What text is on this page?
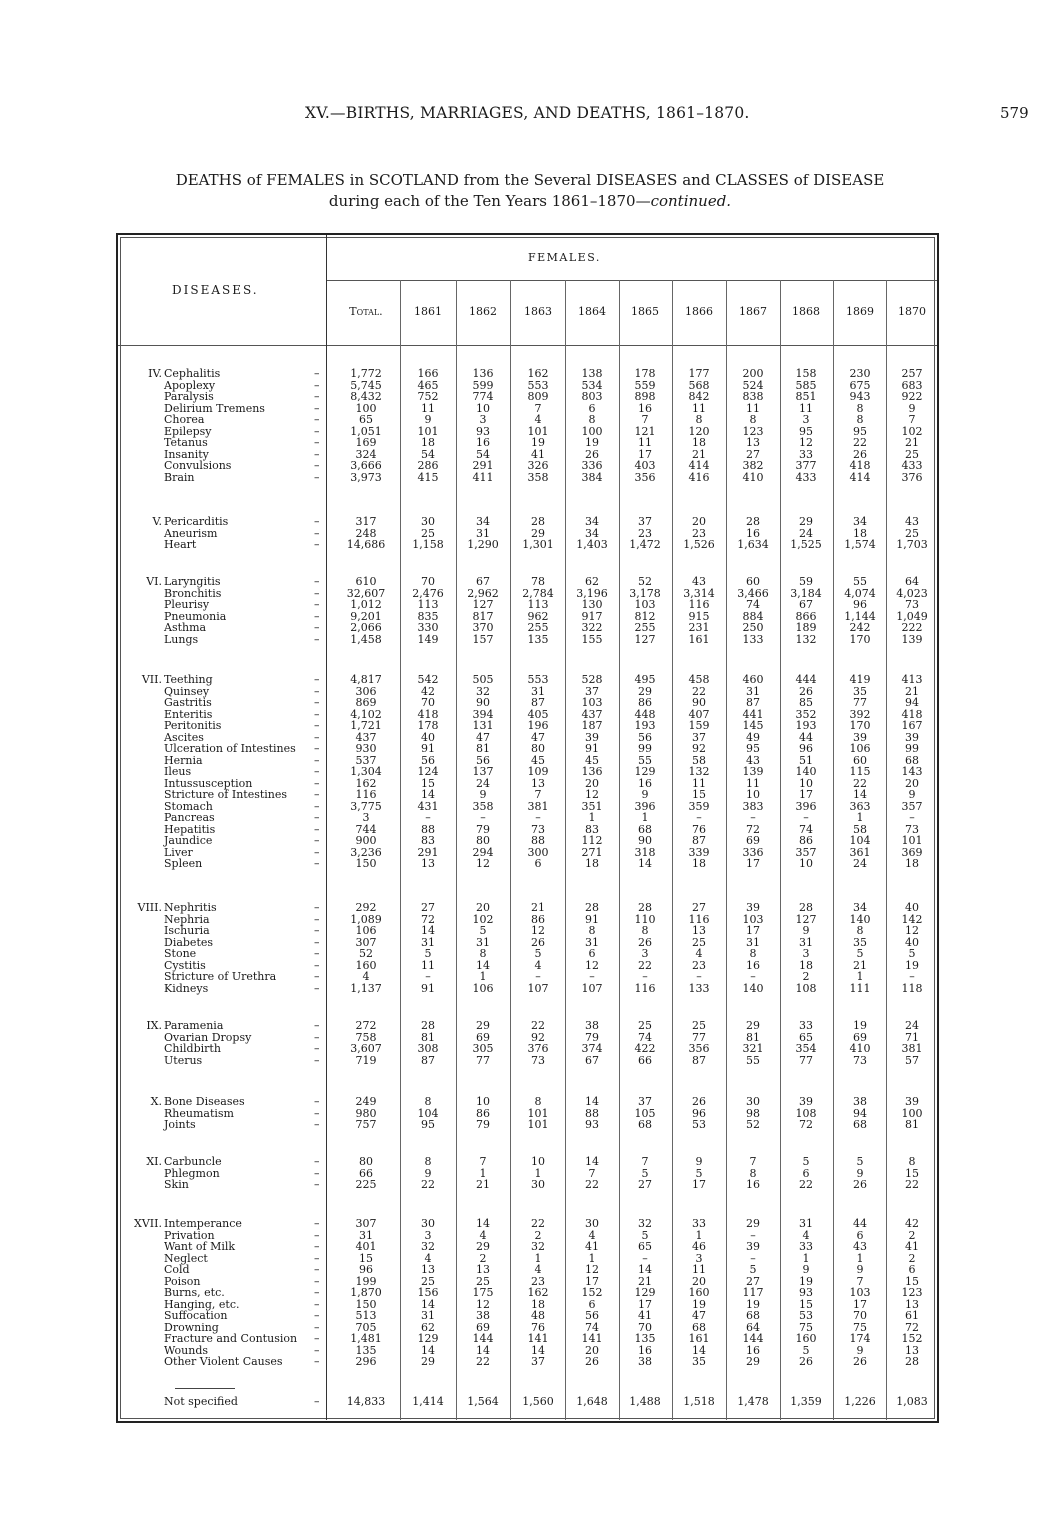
XV.—BIRTHS, MARRIAGES, AND DEATHS, 1861–1870.	579
DEATHS of FEMALES in SCOTLAND from the Several DISEASES and CLASSES of DISEASE
during each of the Ten Years 1861–1870—continued.
FEMALES.
DISEASES.
Total.	1861	1862	1863	1864	1865	1866	1867	1868	1869	1870
IV. Cephalitis	–	1,772	166	136	162	138	178	177	200	158	230	257
Apoplexy	–	5,745	465	599	553	534	559	568	524	585	675	683
Paralysis	–	8,432	752	774	809	803	898	842	838	851	943	922
Delirium Tremens	–	100	11	10	7	6	16	11	11	11	8	9
Chorea	–	65	9	3	4	8	7	8	8	3	8	7
Epilepsy	–	1,051	101	93	101	100	121	120	123	95	95	102
Tetanus	–	169	18	16	19	19	11	18	13	12	22	21
Insanity	–	324	54	54	41	26	17	21	27	33	26	25
Convulsions	–	3,666	286	291	326	336	403	414	382	377	418	433
Brain	–	3,973	415	411	358	384	356	416	410	433	414	376
V. Pericarditis	–	317	30	34	28	34	37	20	28	29	34	43
Aneurism	–	248	25	31	29	34	23	23	16	24	18	25
Heart	–	14,686	1,158	1,290	1,301	1,403	1,472	1,526	1,634	1,525	1,574	1,703
VI. Laryngitis	–	610	70	67	78	62	52	43	60	59	55	64
Bronchitis	–	32,607	2,476	2,962	2,784	3,196	3,178	3,314	3,466	3,184	4,074	4,023
Pleurisy	–	1,012	113	127	113	130	103	116	74	67	96	73
Pneumonia	–	9,201	835	817	962	917	812	915	884	866	1,144	1,049
Asthma	–	2,066	330	370	255	322	255	231	250	189	242	222
Lungs	–	1,458	149	157	135	155	127	161	133	132	170	139
VII. Teething	–	4,817	542	505	553	528	495	458	460	444	419	413
Quinsey	–	306	42	32	31	37	29	22	31	26	35	21
Gastritis	–	869	70	90	87	103	86	90	87	85	77	94
Enteritis	–	4,102	418	394	405	437	448	407	441	352	392	418
Peritonitis	–	1,721	178	131	196	187	193	159	145	193	170	167
Ascites	–	437	40	47	47	39	56	37	49	44	39	39
Ulceration of Intestines –	930	91	81	80	91	99	92	95	96	106	99
Hernia	–	537	56	56	45	45	55	58	43	51	60	68
Ileus	–	1,304	124	137	109	136	129	132	139	140	115	143
Intussusception	–	162	15	24	13	20	16	11	11	10	22	20
Stricture of Intestines –	116	14	9	7	12	9	15	10	17	14	9
Stomach	–	3,775	431	358	381	351	396	359	383	396	363	357
Pancreas	–	3	–	–	–	1	1	–	–	–	1	–
Hepatitis	–	744	88	79	73	83	68	76	72	74	58	73
Jaundice	–	900	83	80	88	112	90	87	69	86	104	101
Liver	–	3,236	291	294	300	271	318	339	336	357	361	369
Spleen	–	150	13	12	6	18	14	18	17	10	24	18
VIII. Nephritis	–	292	27	20	21	28	28	27	39	28	34	40
Nephria	–	1,089	72	102	86	91	110	116	103	127	140	142
Ischuria	–	106	14	5	12	8	8	13	17	9	8	12
Diabetes	–	307	31	31	26	31	26	25	31	31	35	40
Stone	–	52	5	8	5	6	3	4	8	3	5	5
Cystitis	–	160	11	14	4	12	22	23	16	18	21	19
Stricture of Urethra	–	4	–	1	–	–	–	–	–	2	1	–
Kidneys	–	1,137	91	106	107	107	116	133	140	108	111	118
IX. Paramenia	–	272	28	29	22	38	25	25	29	33	19	24
Ovarian Dropsy	–	758	81	69	92	79	74	77	81	65	69	71
Childbirth	–	3,607	308	305	376	374	422	356	321	354	410	381
Uterus	–	719	87	77	73	67	66	87	55	77	73	57
X. Bone Diseases	–	249	8	10	8	14	37	26	30	39	38	39
Rheumatism	–	980	104	86	101	88	105	96	98	108	94	100
Joints	–	757	95	79	101	93	68	53	52	72	68	81
XI. Carbuncle	–	80	8	7	10	14	7	9	7	5	5	8
Phlegmon	–	66	9	1	1	7	5	5	8	6	9	15
Skin	–	225	22	21	30	22	27	17	16	22	26	22
XVII. Intemperance	–	307	30	14	22	30	32	33	29	31	44	42
Privation	–	31	3	4	2	4	5	1	–	4	6	2
Want of Milk	–	401	32	29	32	41	65	46	39	33	43	41
Neglect	–	15	4	2	1	1	–	3	–	1	1	2
Cold	–	96	13	13	4	12	14	11	5	9	9	6
Poison	–	199	25	25	23	17	21	20	27	19	7	15
Burns, etc.	–	1,870	156	175	162	152	129	160	117	93	103	123
Hanging, etc.	–	150	14	12	18	6	17	19	19	15	17	13
Suffocation	–	513	31	38	48	56	41	47	68	53	70	61
Drowning	–	705	62	69	76	74	70	68	64	75	75	72
Fracture and Contusion –	1,481	129	144	141	141	135	161	144	160	174	152
Wounds	–	135	14	14	14	20	16	14	16	5	9	13
Other Violent Causes	–	296	29	22	37	26	38	35	29	26	26	28
Not specified	–	14,833	1,414	1,564	1,560	1,648	1,488	1,518	1,478	1,359	1,226	1,083
